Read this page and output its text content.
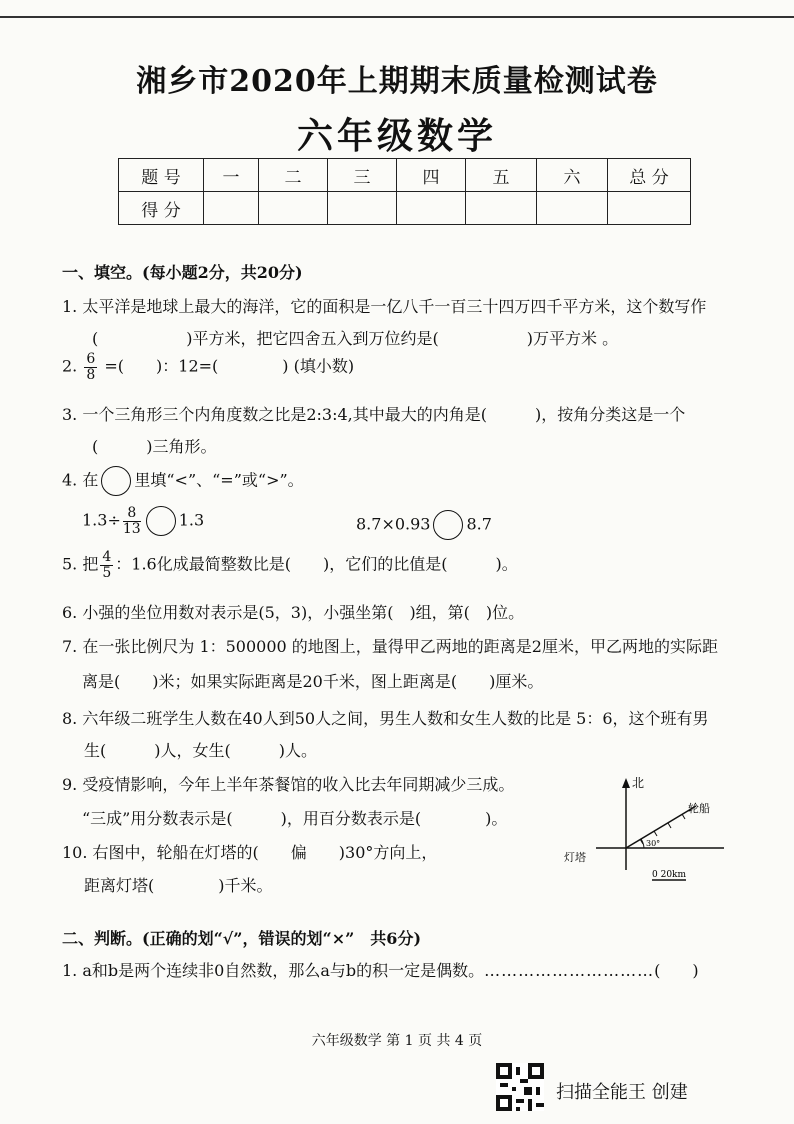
湘乡市2020年上期期末质量检测试卷
六年级数学
题 号	一	二	三	四	五	六	总 分
得 分							
一、填空。(每小题2分，共20分)
1. 太平洋是地球上最大的海洋，它的面积是一亿八千一百三十四万四千平方米，这个数写作
(	)平方米，把它四舍五入到万位约是(	)万平方米 。
2. $\frac{6}{8}$ =(　　)：12=(　　　　) (填小数)
3. 一个三角形三个内角度数之比是2:3:4,其中最大的内角是(　　　)，按角分类这是一个
(　　　)三角形。
4. 在 里填“<”、“=”或“>”。
$1.3\div \frac{8}{13} 1.3$	8.7×0.93 8.7
5. 把 $\frac{4}{5}$ ：1.6化成最简整数比是(　　)，它们的比值是(　　　)。
6. 小强的坐位用数对表示是(5，3)，小强坐第(　)组，第(　)位。
7. 在一张比例尺为 1：500000 的地图上，量得甲乙两地的距离是2厘米，甲乙两地的实际距
离是(　　)米；如果实际距离是20千米，图上距离是(　　)厘米。
8. 六年级二班学生人数在40人到50人之间，男生人数和女生人数的比是 5：6，这个班有男
生(　　　)人，女生(　　　)人。
9. 受疫情影响，今年上半年茶餐馆的收入比去年同期减少三成。
“三成”用分数表示是(　　　)，用百分数表示是(　　　　)。
10. 右图中，轮船在灯塔的(　　偏　　)30°方向上，
距离灯塔(　　　　)千米。
北
轮船
灯塔
30°
0 20km
二、判断。(正确的划“√”，错误的划“×”　共6分)
1. a和b是两个连续非0自然数，那么a与b的积一定是偶数。…………………………(　　)
六年级数学 第 1 页 共 4 页
扫描全能王 创建
